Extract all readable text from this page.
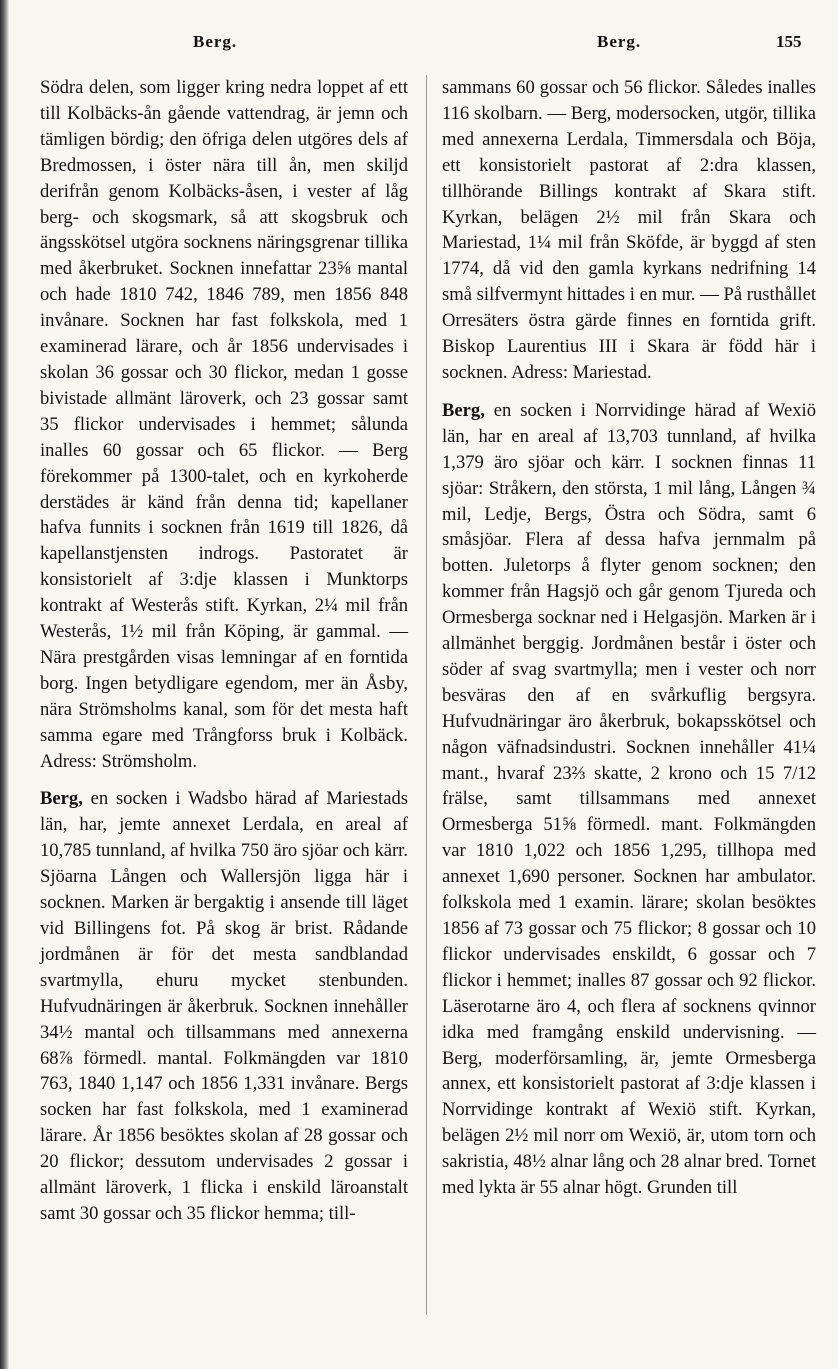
Berg.	Berg.	155

Södra delen, som ligger kring nedra loppet af ett till Kolbäcks-ån gående vattendrag, är jemn och tämligen bördig; den öfriga delen utgöres dels af Bredmossen, i öster nära till ån, men skiljd derifrån genom Kolbäcks-åsen, i vester af låg berg- och skogsmark, så att skogsbruk och ängsskötsel utgöra socknens näringsgrenar tillika med åkerbruket. Socknen innefattar 23⅝ mantal och hade 1810 742, 1846 789, men 1856 848 invånare. Socknen har fast folkskola, med 1 examinerad lärare, och år 1856 undervisades i skolan 36 gossar och 30 flickor, medan 1 gosse bivistade allmänt läroverk, och 23 gossar samt 35 flickor undervisades i hemmet; sålunda inalles 60 gossar och 65 flickor. — Berg förekommer på 1300-talet, och en kyrkoherde derstädes är känd från denna tid; kapellaner hafva funnits i socknen från 1619 till 1826, då kapellanstjensten indrogs. Pastoratet är konsistorielt af 3:dje klassen i Munktorps kontrakt af Westerås stift. Kyrkan, 2¼ mil från Westerås, 1½ mil från Köping, är gammal. — Nära prestgården visas lemningar af en forntida borg. Ingen betydligare egendom, mer än Åsby, nära Strömsholms kanal, som för det mesta haft samma egare med Trångforss bruk i Kolbäck. Adress: Strömsholm.

Berg, en socken i Wadsbo härad af Mariestads län, har, jemte annexet Lerdala, en areal af 10,785 tunnland, af hvilka 750 äro sjöar och kärr. Sjöarna Lången och Wallersjön ligga här i socknen. Marken är bergaktig i ansende till läget vid Billingens fot. På skog är brist. Rådande jordmånen är för det mesta sandblandad svartmylla, ehuru mycket stenbunden. Hufvudnäringen är åkerbruk. Socknen innehåller 34½ mantal och tillsammans med annexerna 68⅞ förmedl. mantal. Folkmängden var 1810 763, 1840 1,147 och 1856 1,331 invånare. Bergs socken har fast folkskola, med 1 examinerad lärare. År 1856 besöktes skolan af 28 gossar och 20 flickor; dessutom undervisades 2 gossar i allmänt läroverk, 1 flicka i enskild läroanstalt samt 30 gossar och 35 flickor hemma; till-

sammans 60 gossar och 56 flickor. Således inalles 116 skolbarn. — Berg, modersocken, utgör, tillika med annexerna Lerdala, Timmersdala och Böja, ett konsistorielt pastorat af 2:dra klassen, tillhörande Billings kontrakt af Skara stift. Kyrkan, belägen 2½ mil från Skara och Mariestad, 1¼ mil från Sköfde, är byggd af sten 1774, då vid den gamla kyrkans nedrifning 14 små silfvermynt hittades i en mur. — På rusthållet Orresäters östra gärde finnes en forntida grift. Biskop Laurentius III i Skara är född här i socknen. Adress: Mariestad.

Berg, en socken i Norrvidinge härad af Wexiö län, har en areal af 13,703 tunnland, af hvilka 1,379 äro sjöar och kärr. I socknen finnas 11 sjöar: Stråkern, den största, 1 mil lång, Lången ¾ mil, Ledje, Bergs, Östra och Södra, samt 6 småsjöar. Flera af dessa hafva jernmalm på botten. Juletorps å flyter genom socknen; den kommer från Hagsjö och går genom Tjureda och Ormesberga socknar ned i Helgasjön. Marken är i allmänhet berggig. Jordmånen består i öster och söder af svag svartmylla; men i vester och norr besväras den af en svårkuflig bergsyra. Hufvudnäringar äro åkerbruk, bokapsskötsel och någon väfnadsindustri. Socknen innehåller 41¼ mant., hvaraf 23⅔ skatte, 2 krono och 15 7/12 frälse, samt tillsammans med annexet Ormesberga 51⅝ förmedl. mant. Folkmängden var 1810 1,022 och 1856 1,295, tillhopa med annexet 1,690 personer. Socknen har ambulator. folkskola med 1 examin. lärare; skolan besöktes 1856 af 73 gossar och 75 flickor; 8 gossar och 10 flickor undervisades enskildt, 6 gossar och 7 flickor i hemmet; inalles 87 gossar och 92 flickor. Läserotarne äro 4, och flera af socknens qvinnor idka med framgång enskild undervisning. — Berg, moderförsamling, är, jemte Ormesberga annex, ett konsistorielt pastorat af 3:dje klassen i Norrvidinge kontrakt af Wexiö stift. Kyrkan, belägen 2½ mil norr om Wexiö, är, utom torn och sakristia, 48½ alnar lång och 28 alnar bred. Tornet med lykta är 55 alnar högt. Grunden till
